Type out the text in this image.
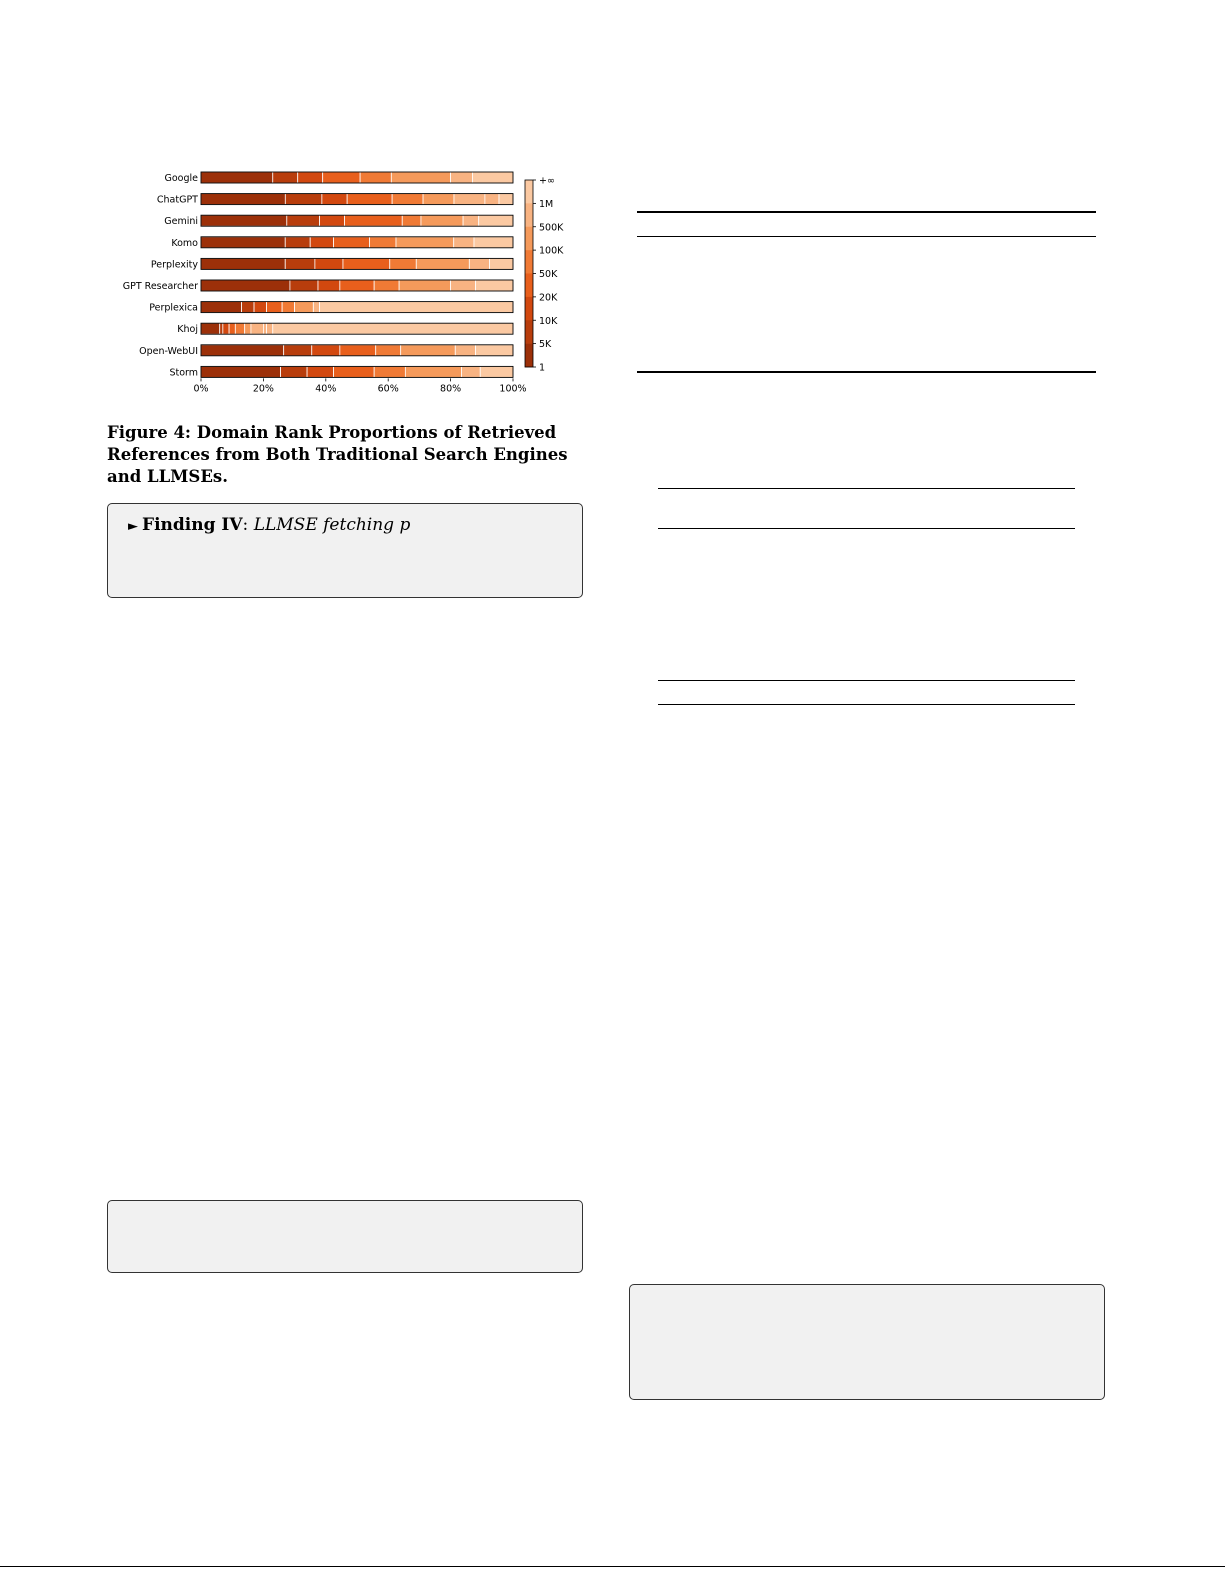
Google
ChatGPT
Gemini
Komo
Perplexity
GPT Researcher
Perplexica
Khoj
Open-WebUI
Storm
0%	20%	40%	60%	80%	100%
+∞
1M
500K
100K
50K
20K
10K
5K
1
Figure 4: Domain Rank Proportions of Retrieved References from Both Traditional Search Engines and LLMSEs.
► Finding IV: LLMSE fetching p
